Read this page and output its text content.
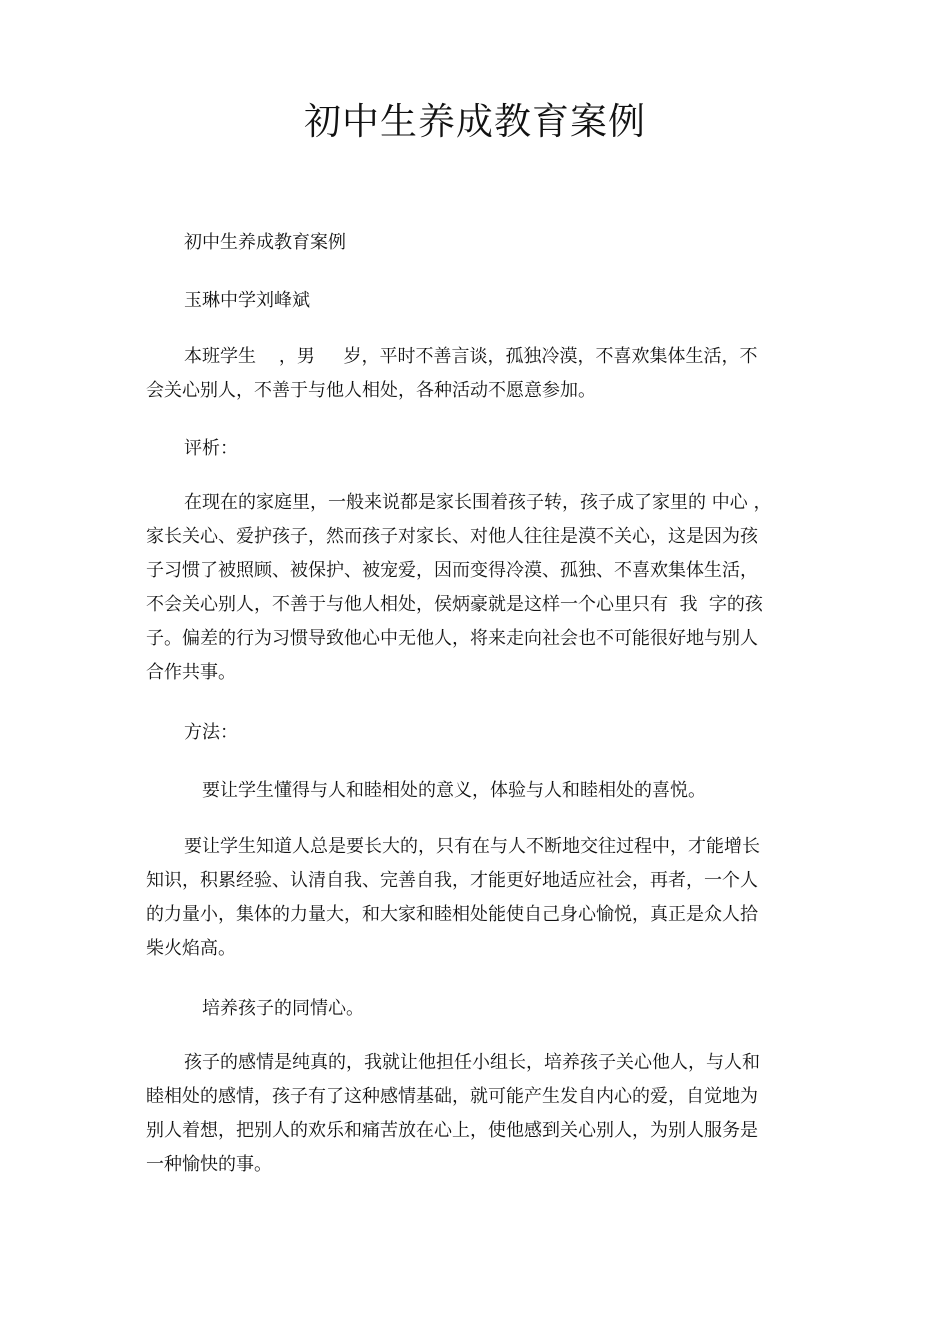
初中生养成教育案例
初中生养成教育案例
玉琳中学刘峰斌
本班学生    ，男     岁，平时不善言谈，孤独冷漠，不喜欢集体生活，不
会关心别人，不善于与他人相处，各种活动不愿意参加。
评析：
在现在的家庭里，一般来说都是家长围着孩子转，孩子成了家里的 中心 ，
家长关心、爱护孩子，然而孩子对家长、对他人往往是漠不关心，这是因为孩
子习惯了被照顾、被保护、被宠爱，因而变得冷漠、孤独、不喜欢集体生活，
不会关心别人，不善于与他人相处，侯炳豪就是这样一个心里只有  我  字的孩
子。偏差的行为习惯导致他心中无他人，将来走向社会也不可能很好地与别人
合作共事。
方法：
要让学生懂得与人和睦相处的意义，体验与人和睦相处的喜悦。
要让学生知道人总是要长大的，只有在与人不断地交往过程中，才能增长
知识，积累经验、认清自我、完善自我，才能更好地适应社会，再者，一个人
的力量小，集体的力量大，和大家和睦相处能使自己身心愉悦，真正是众人拾
柴火焰高。
培养孩子的同情心。
孩子的感情是纯真的，我就让他担任小组长，培养孩子关心他人，与人和
睦相处的感情，孩子有了这种感情基础，就可能产生发自内心的爱，自觉地为
别人着想，把别人的欢乐和痛苦放在心上，使他感到关心别人，为别人服务是
一种愉快的事。
